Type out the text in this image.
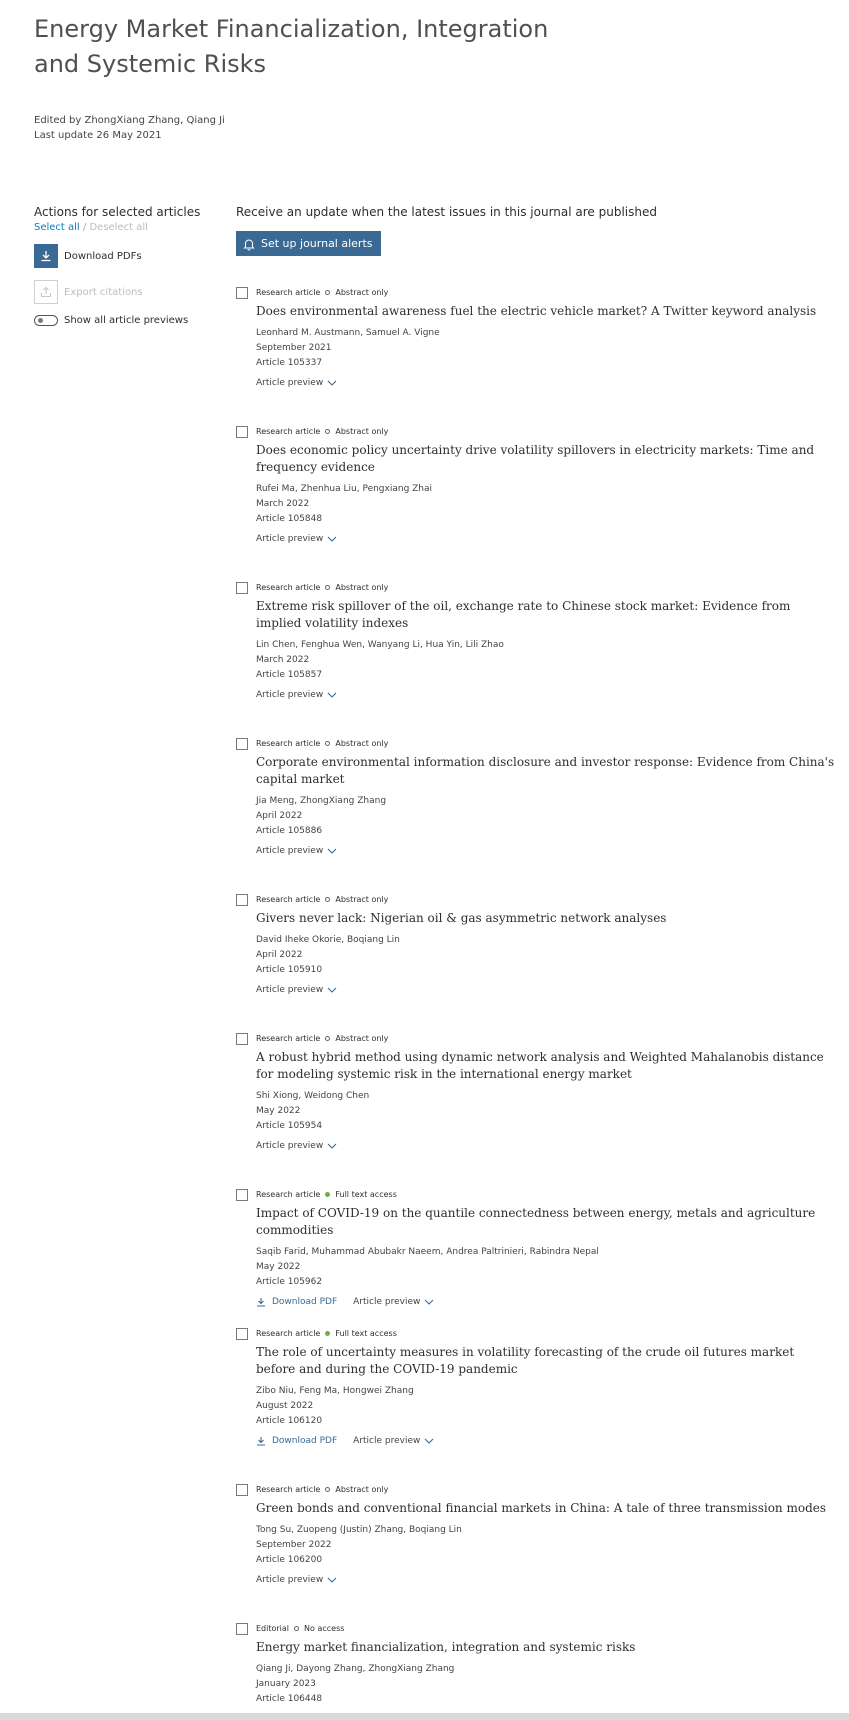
Energy Market Financialization, Integration and Systemic Risks
Edited by ZhongXiang Zhang, Qiang Ji
Last update 26 May 2021
Actions for selected articles
Select all / Deselect all
Download PDFs
Export citations
Show all article previews
Receive an update when the latest issues in this journal are published
Set up journal alerts
Research article Abstract only
Does environmental awareness fuel the electric vehicle market? A Twitter keyword analysis
Leonhard M. Austmann, Samuel A. Vigne
September 2021
Article 105337
Article preview
Research article Abstract only
Does economic policy uncertainty drive volatility spillovers in electricity markets: Time and frequency evidence
Rufei Ma, Zhenhua Liu, Pengxiang Zhai
March 2022
Article 105848
Article preview
Research article Abstract only
Extreme risk spillover of the oil, exchange rate to Chinese stock market: Evidence from implied volatility indexes
Lin Chen, Fenghua Wen, Wanyang Li, Hua Yin, Lili Zhao
March 2022
Article 105857
Article preview
Research article Abstract only
Corporate environmental information disclosure and investor response: Evidence from China's capital market
Jia Meng, ZhongXiang Zhang
April 2022
Article 105886
Article preview
Research article Abstract only
Givers never lack: Nigerian oil & gas asymmetric network analyses
David Iheke Okorie, Boqiang Lin
April 2022
Article 105910
Article preview
Research article Abstract only
A robust hybrid method using dynamic network analysis and Weighted Mahalanobis distance for modeling systemic risk in the international energy market
Shi Xiong, Weidong Chen
May 2022
Article 105954
Article preview
Research article Full text access
Impact of COVID-19 on the quantile connectedness between energy, metals and agriculture commodities
Saqib Farid, Muhammad Abubakr Naeem, Andrea Paltrinieri, Rabindra Nepal
May 2022
Article 105962
Download PDF Article preview
Research article Full text access
The role of uncertainty measures in volatility forecasting of the crude oil futures market before and during the COVID-19 pandemic
Zibo Niu, Feng Ma, Hongwei Zhang
August 2022
Article 106120
Download PDF Article preview
Research article Abstract only
Green bonds and conventional financial markets in China: A tale of three transmission modes
Tong Su, Zuopeng (Justin) Zhang, Boqiang Lin
September 2022
Article 106200
Article preview
Editorial No access
Energy market financialization, integration and systemic risks
Qiang Ji, Dayong Zhang, ZhongXiang Zhang
January 2023
Article 106448
